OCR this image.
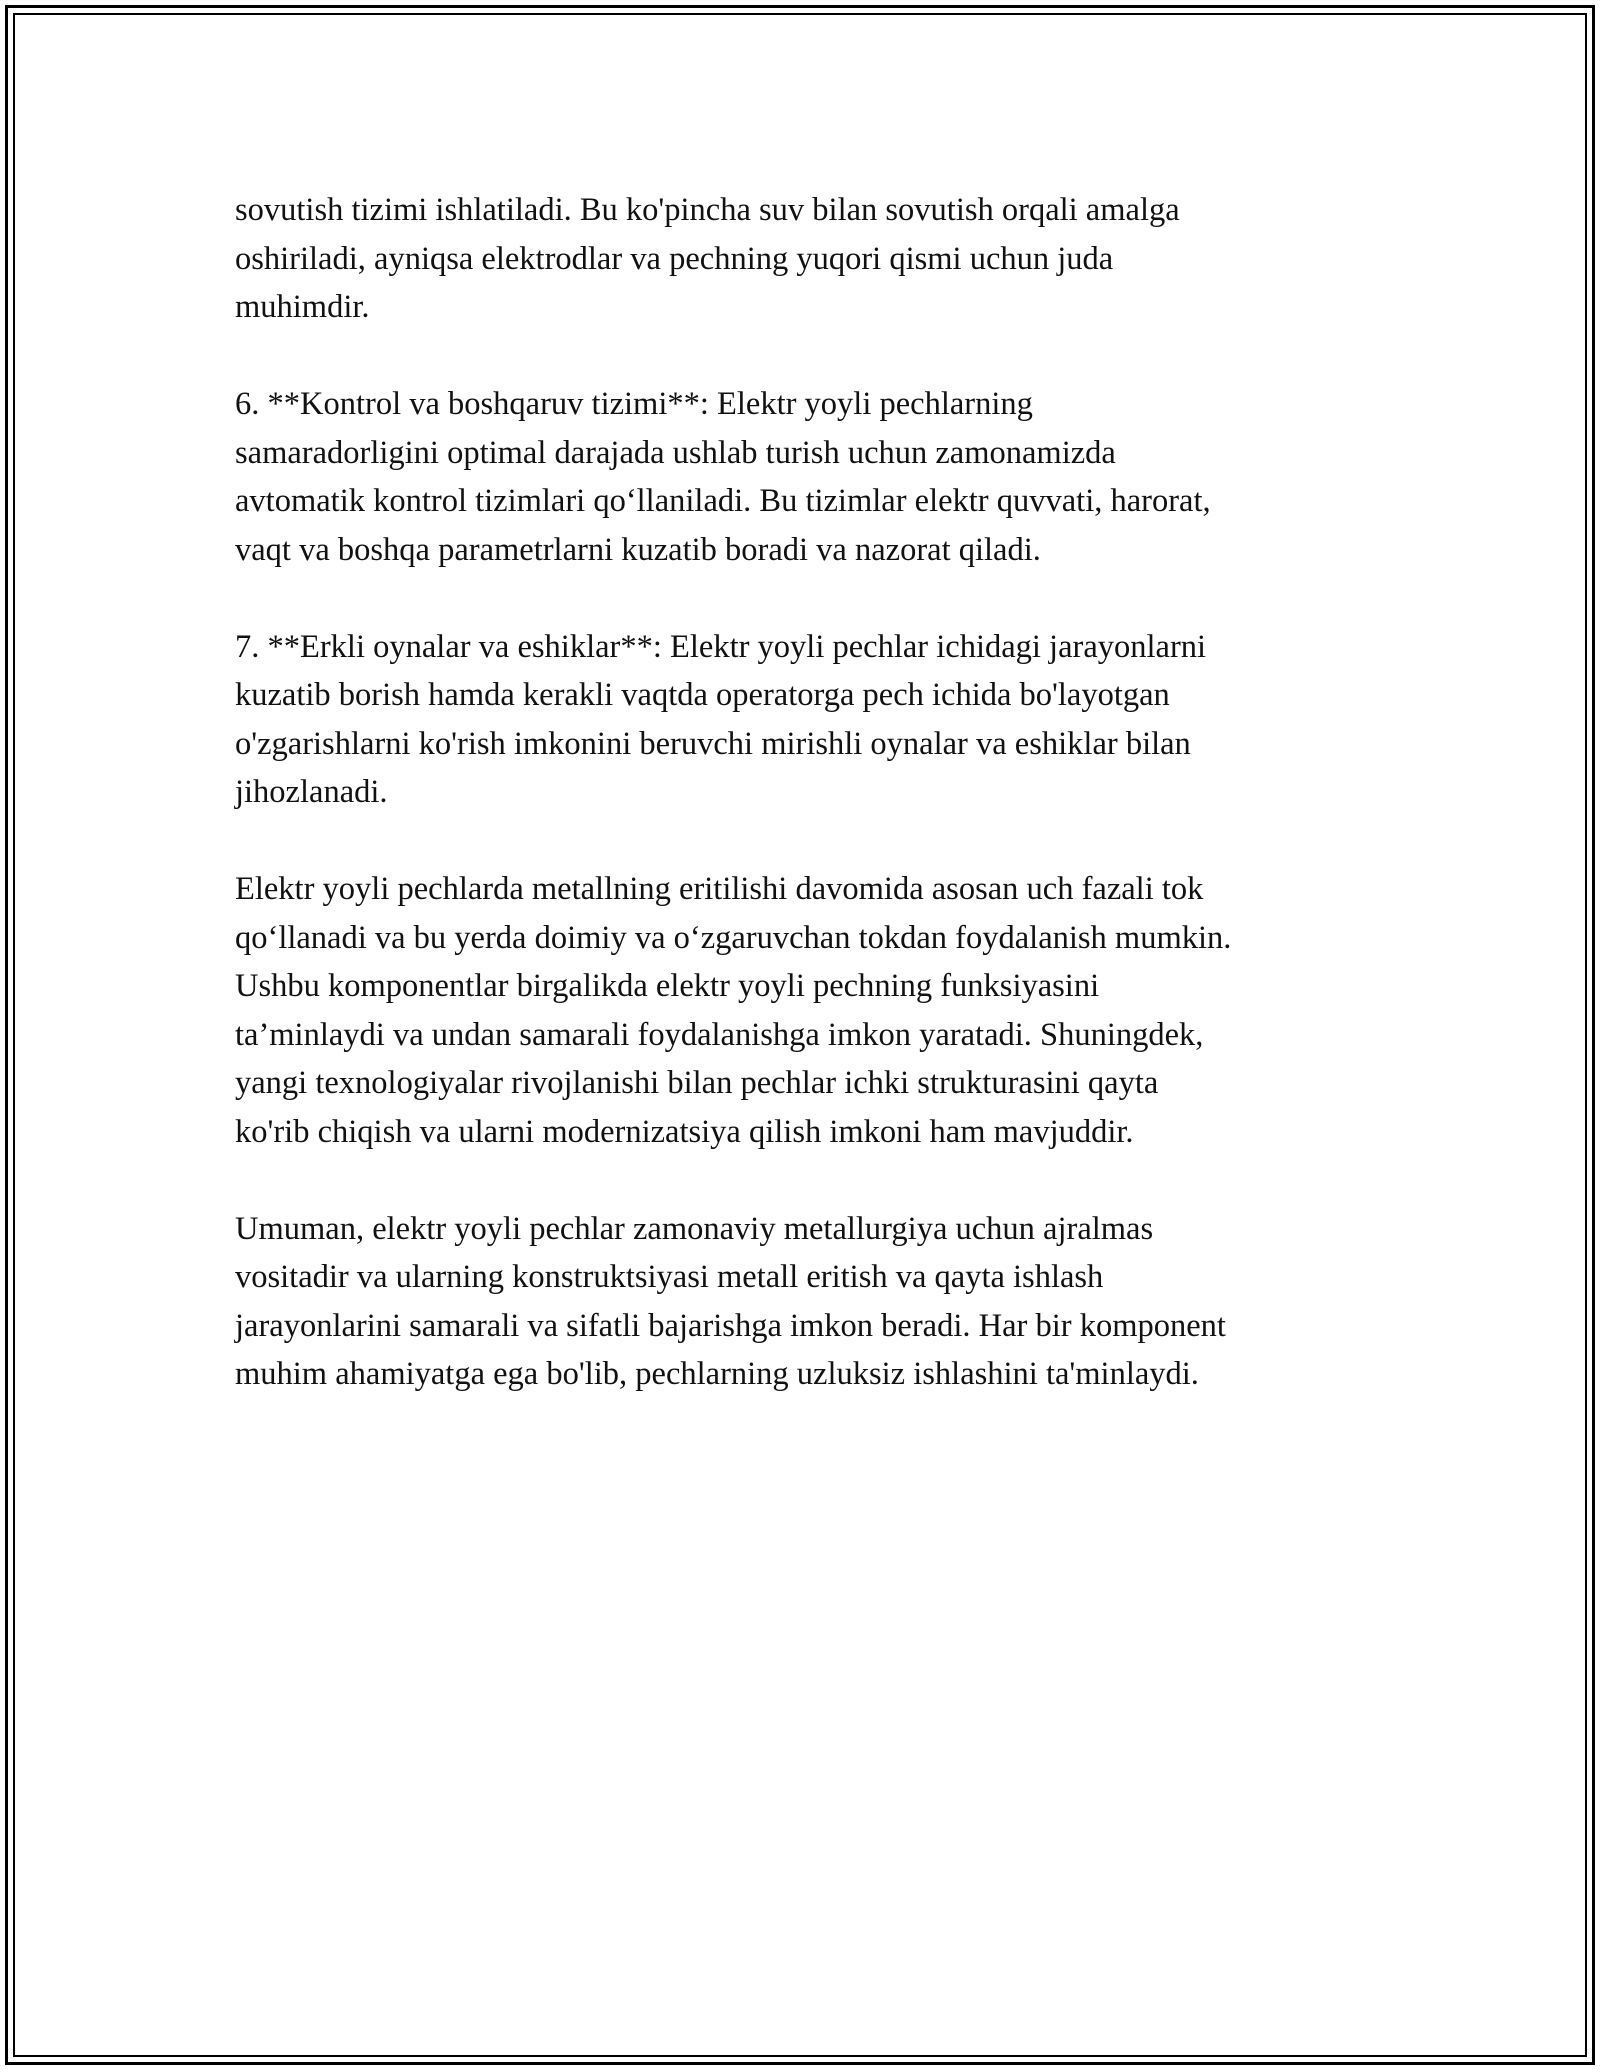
sovutish tizimi ishlatiladi. Bu ko'pincha suv bilan sovutish orqali amalga
oshiriladi, ayniqsa elektrodlar va pechning yuqori qismi uchun juda
muhimdir.

6. **Kontrol va boshqaruv tizimi**: Elektr yoyli pechlarning
samaradorligini optimal darajada ushlab turish uchun zamonamizda
avtomatik kontrol tizimlari qo‘llaniladi. Bu tizimlar elektr quvvati, harorat,
vaqt va boshqa parametrlarni kuzatib boradi va nazorat qiladi.

7. **Erkli oynalar va eshiklar**: Elektr yoyli pechlar ichidagi jarayonlarni
kuzatib borish hamda kerakli vaqtda operatorga pech ichida bo'layotgan
o'zgarishlarni ko'rish imkonini beruvchi mirishli oynalar va eshiklar bilan
jihozlanadi.

Elektr yoyli pechlarda metallning eritilishi davomida asosan uch fazali tok
qo‘llanadi va bu yerda doimiy va o‘zgaruvchan tokdan foydalanish mumkin.
Ushbu komponentlar birgalikda elektr yoyli pechning funksiyasini
ta’minlaydi va undan samarali foydalanishga imkon yaratadi. Shuningdek,
yangi texnologiyalar rivojlanishi bilan pechlar ichki strukturasini qayta
ko'rib chiqish va ularni modernizatsiya qilish imkoni ham mavjuddir.

Umuman, elektr yoyli pechlar zamonaviy metallurgiya uchun ajralmas
vositadir va ularning konstruktsiyasi metall eritish va qayta ishlash
jarayonlarini samarali va sifatli bajarishga imkon beradi. Har bir komponent
muhim ahamiyatga ega bo'lib, pechlarning uzluksiz ishlashini ta'minlaydi.
